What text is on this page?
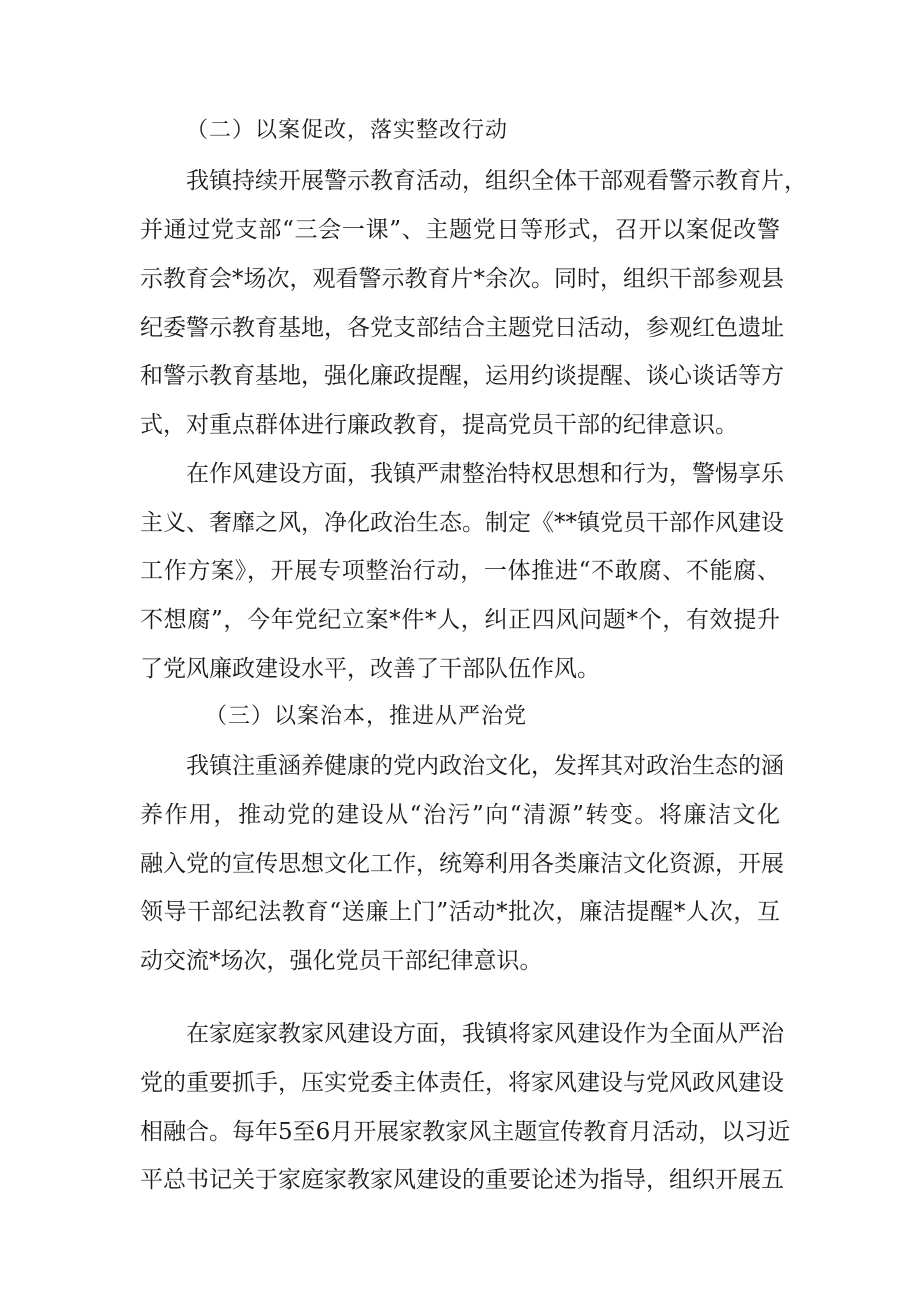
（二）以案促改，落实整改行动
我镇持续开展警示教育活动，组织全体干部观看警示教育片，
并通过党支部“三会一课”、主题党日等形式，召开以案促改警
示教育会*场次，观看警示教育片*余次。同时，组织干部参观县
纪委警示教育基地，各党支部结合主题党日活动，参观红色遗址
和警示教育基地，强化廉政提醒，运用约谈提醒、谈心谈话等方
式，对重点群体进行廉政教育，提高党员干部的纪律意识。
在作风建设方面，我镇严肃整治特权思想和行为，警惕享乐
主义、奢靡之风，净化政治生态。制定《**镇党员干部作风建设
工作方案》，开展专项整治行动，一体推进“不敢腐、不能腐、
不想腐”，今年党纪立案*件*人，纠正四风问题*个，有效提升
了党风廉政建设水平，改善了干部队伍作风。
（三）以案治本，推进从严治党
我镇注重涵养健康的党内政治文化，发挥其对政治生态的涵
养作用，推动党的建设从“治污”向“清源”转变。将廉洁文化
融入党的宣传思想文化工作，统筹利用各类廉洁文化资源，开展
领导干部纪法教育“送廉上门”活动*批次，廉洁提醒*人次，互
动交流*场次，强化党员干部纪律意识。
在家庭家教家风建设方面，我镇将家风建设作为全面从严治
党的重要抓手，压实党委主体责任，将家风建设与党风政风建设
相融合。每年5至6月开展家教家风主题宣传教育月活动，以习近
平总书记关于家庭家教家风建设的重要论述为指导，组织开展五
